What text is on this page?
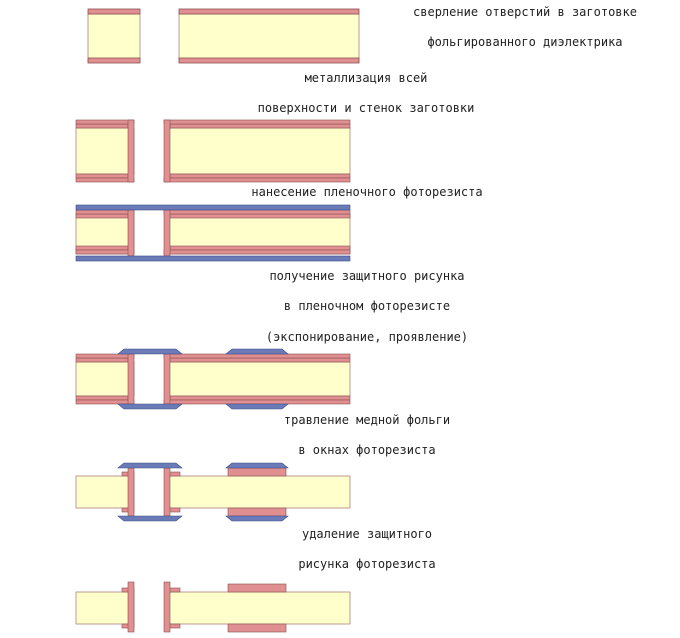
сверление отверстий в заготовке
фольгированного диэлектрика
металлизация всей
поверхности и стенок заготовки
нанесение пленочного фоторезиста
получение защитного рисунка
в пленочном фоторезисте
(экспонирование, проявление)
травление медной фольги
в окнах фоторезиста
удаление защитного
рисунка фоторезиста
